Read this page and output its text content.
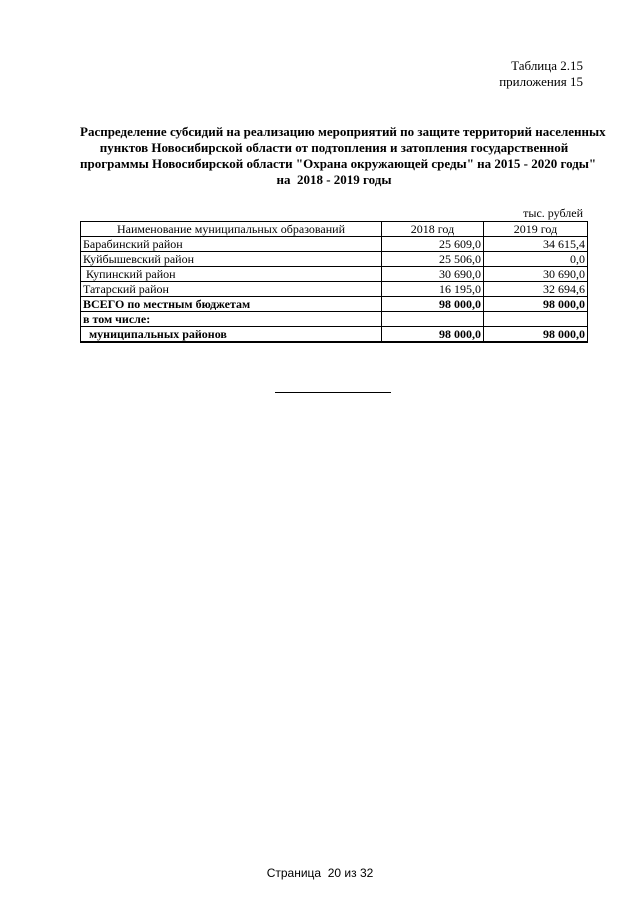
Таблица 2.15
приложения 15
Распределение субсидий на реализацию мероприятий по защите территорий населенных
пунктов Новосибирской области от подтопления и затопления государственной
программы Новосибирской области "Охрана окружающей среды" на 2015 - 2020 годы"
на  2018 - 2019 годы
тыс. рублей
Наименование муниципальных образований	2018 год	2019 год
Барабинский район	25 609,0	34 615,4
Куйбышевский район	25 506,0	0,0
Купинский район	30 690,0	30 690,0
Татарский район	16 195,0	32 694,6
ВСЕГО по местным бюджетам	98 000,0	98 000,0
в том числе:		
муниципальных районов	98 000,0	98 000,0
Страница  20 из 32
